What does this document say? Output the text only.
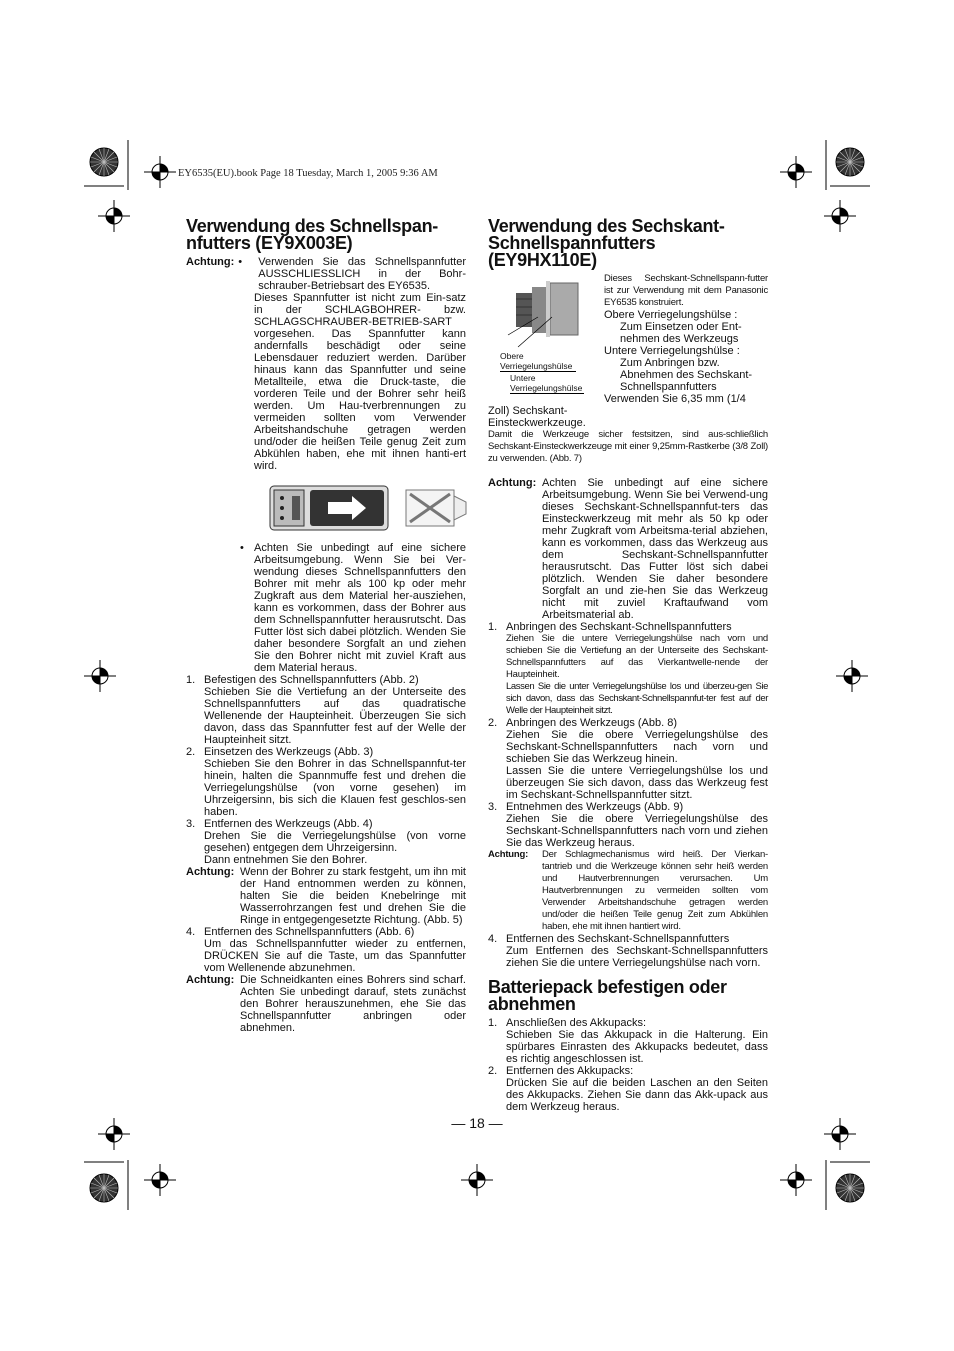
EY6535(EU).book Page 18 Tuesday, March 1, 2005 9:36 AM
Verwendung des Schnellspan-
nfutters (EY9X003E)
Achtung: •	Verwenden Sie das Schnellspannfutter AUSSCHLIESSLICH in der Bohr-schrauber-Betriebsart des EY6535.

Dieses Spannfutter ist nicht zum Ein-satz in der SCHLAGBOHRER- bzw. SCHLAGSCHRAUBER-BETRIEB-SART vorgesehen. Das Spannfutter kann andernfalls beschädigt oder seine Lebensdauer reduziert werden. Darüber hinaus kann das Spannfutter und seine Metallteile, etwa die Druck-taste, die vorderen Teile und der Bohrer sehr heiß werden. Um Hau-tverbrennungen zu vermeiden sollten vom Verwender Arbeitshandschuhe getragen werden und/oder die heißen Teile genug Zeit zum Abkühlen haben, ehe mit ihnen hanti-ert wird.

• Achten Sie unbedingt auf eine sichere Arbeitsumgebung. Wenn Sie bei Ver-wendung dieses Schnellspannfutters den Bohrer mit mehr als 100 kp oder mehr Zugkraft aus dem Material her-ausziehen, kann es vorkommen, dass der Bohrer aus dem Schnellspannfutter herausrutscht. Das Futter löst sich dabei plötzlich. Wenden Sie daher besondere Sorgfalt an und ziehen Sie den Bohrer nicht mit zuviel Kraft aus dem Material heraus.
1. Befestigen des Schnellspannfutters (Abb. 2)

Schieben Sie die Vertiefung an der Unterseite des Schnellspannfutters auf das quadratische Wellenende der Haupteinheit. Überzeugen Sie sich davon, dass das Spannfutter fest auf der Welle der Haupteinheit sitzt.

2. Einsetzen des Werkzeugs (Abb. 3)

Schieben Sie den Bohrer in das Schnellspannfut-ter hinein, halten die Spannmuffe fest und drehen die Verriegelungshülse (von vorne gesehen) im Uhrzeigersinn, bis sich die Klauen fest geschlos-sen haben.

3. Entfernen des Werkzeugs (Abb. 4)

Drehen Sie die Verriegelungshülse (von vorne gesehen) entgegen dem Uhrzeigersinn.

Dann entnehmen Sie den Bohrer.

Achtung: Wenn der Bohrer zu stark festgeht, um ihn mit der Hand entnommen werden zu können, halten Sie die beiden Knebelringe mit Wasserrohrzangen fest und drehen Sie die Ringe in entgegengesetzte Richtung. (Abb. 5)
4. Entfernen des Schnellspannfutters (Abb. 6)

Um das Schnellspannfutter wieder zu entfernen, DRÜCKEN Sie auf die Taste, um das Spannfutter vom Wellenende abzunehmen.

Achtung: Die Schneidkanten eines Bohrers sind scharf. Achten Sie unbedingt darauf, stets zunächst den Bohrer herauszunehmen, ehe Sie das Schnellspannfutter anbringen oder abnehmen.
Verwendung des Sechskant-
Schnellspannfutters
(EY9HX110E)
Obere
Verriegelungshülse
Untere
Verriegelungshülse

Dieses Sechskant-Schnellspann-futter ist zur Verwendung mit dem Panasonic EY6535 konstruiert.

Obere Verriegelungshülse :

Zum Einsetzen oder Ent-nehmen des Werkzeugs

Untere Verriegelungshülse :

Zum Anbringen bzw. Abnehmen des Sechskant-Schnellspannfutters

Verwenden Sie 6,35 mm (1/4

Zoll) Sechskant-

Einsteckwerkzeuge.

Damit die Werkzeuge sicher festsitzen, sind aus-schließlich Sechskant-Einsteckwerkzeuge mit einer 9,25mm-Rastkerbe (3/8 Zoll) zu verwenden. (Abb. 7)

Achtung: Achten Sie unbedingt auf eine sichere Arbeitsumgebung. Wenn Sie bei Verwend-ung dieses Sechskant-Schnellspannfut-ters das Einsteckwerkzeug mit mehr als 50 kp oder mehr Zugkraft vom Arbeitsma-terial abziehen, kann es vorkommen, dass das Werkzeug aus dem Sechskant-Schnellspannfutter herausrutscht. Das Futter löst sich dabei plötzlich. Wenden Sie daher besondere Sorgfalt an und zie-hen Sie das Werkzeug nicht mit zuviel Kraftaufwand vom Arbeitsmaterial ab.
1. Anbringen des Sechskant-Schnellspannfutters

Ziehen Sie die untere Verriegelungshülse nach vorn und schieben Sie die Vertiefung an der Unterseite des Sechskant-Schnellspannfutters auf das Vierkantwelle-nende der Haupteinheit.

Lassen Sie die unter Verriegelungshülse los und überzeu-gen Sie sich davon, dass das Sechskant-Schnellspannfut-ter fest auf der Welle der Haupteinheit sitzt.

2. Anbringen des Werkzeugs (Abb. 8)

Ziehen Sie die obere Verriegelungshülse des Sechskant-Schnellspannfutters nach vorn und schieben Sie das Werkzeug hinein.

Lassen Sie die untere Verriegelungshülse los und überzeugen Sie sich davon, dass das Werkzeug fest im Sechskant-Schnellspannfutter sitzt.

3. Entnehmen des Werkzeugs (Abb. 9)

Ziehen Sie die obere Verriegelungshülse des Sechskant-Schnellspannfutters nach vorn und ziehen Sie das Werkzeug heraus.

Achtung:	Der Schlagmechanismus wird heiß. Der Vierkan-tantrieb und die Werkzeuge können sehr heiß werden und Hautverbrennungen verursachen. Um Hautverbrennungen zu vermeiden sollten vom Verwender Arbeitshandschuhe getragen werden und/oder die heißen Teile genug Zeit zum Abkühlen haben, ehe mit ihnen hantiert wird.
4. Entfernen des Sechskant-Schnellspannfutters

Zum Entfernen des Sechskant-Schnellspannfutters ziehen Sie die untere Verriegelungshülse nach vorn.

Batteriepack befestigen oder
abnehmen
1. Anschließen des Akkupacks:

Schieben Sie das Akkupack in die Halterung. Ein spürbares Einrasten des Akkupacks bedeutet, dass es richtig angeschlossen ist.

2. Entfernen des Akkupacks:

Drücken Sie auf die beiden Laschen an den Seiten des Akkupacks. Ziehen Sie dann das Akk-upack aus dem Werkzeug heraus.

— 18 —
